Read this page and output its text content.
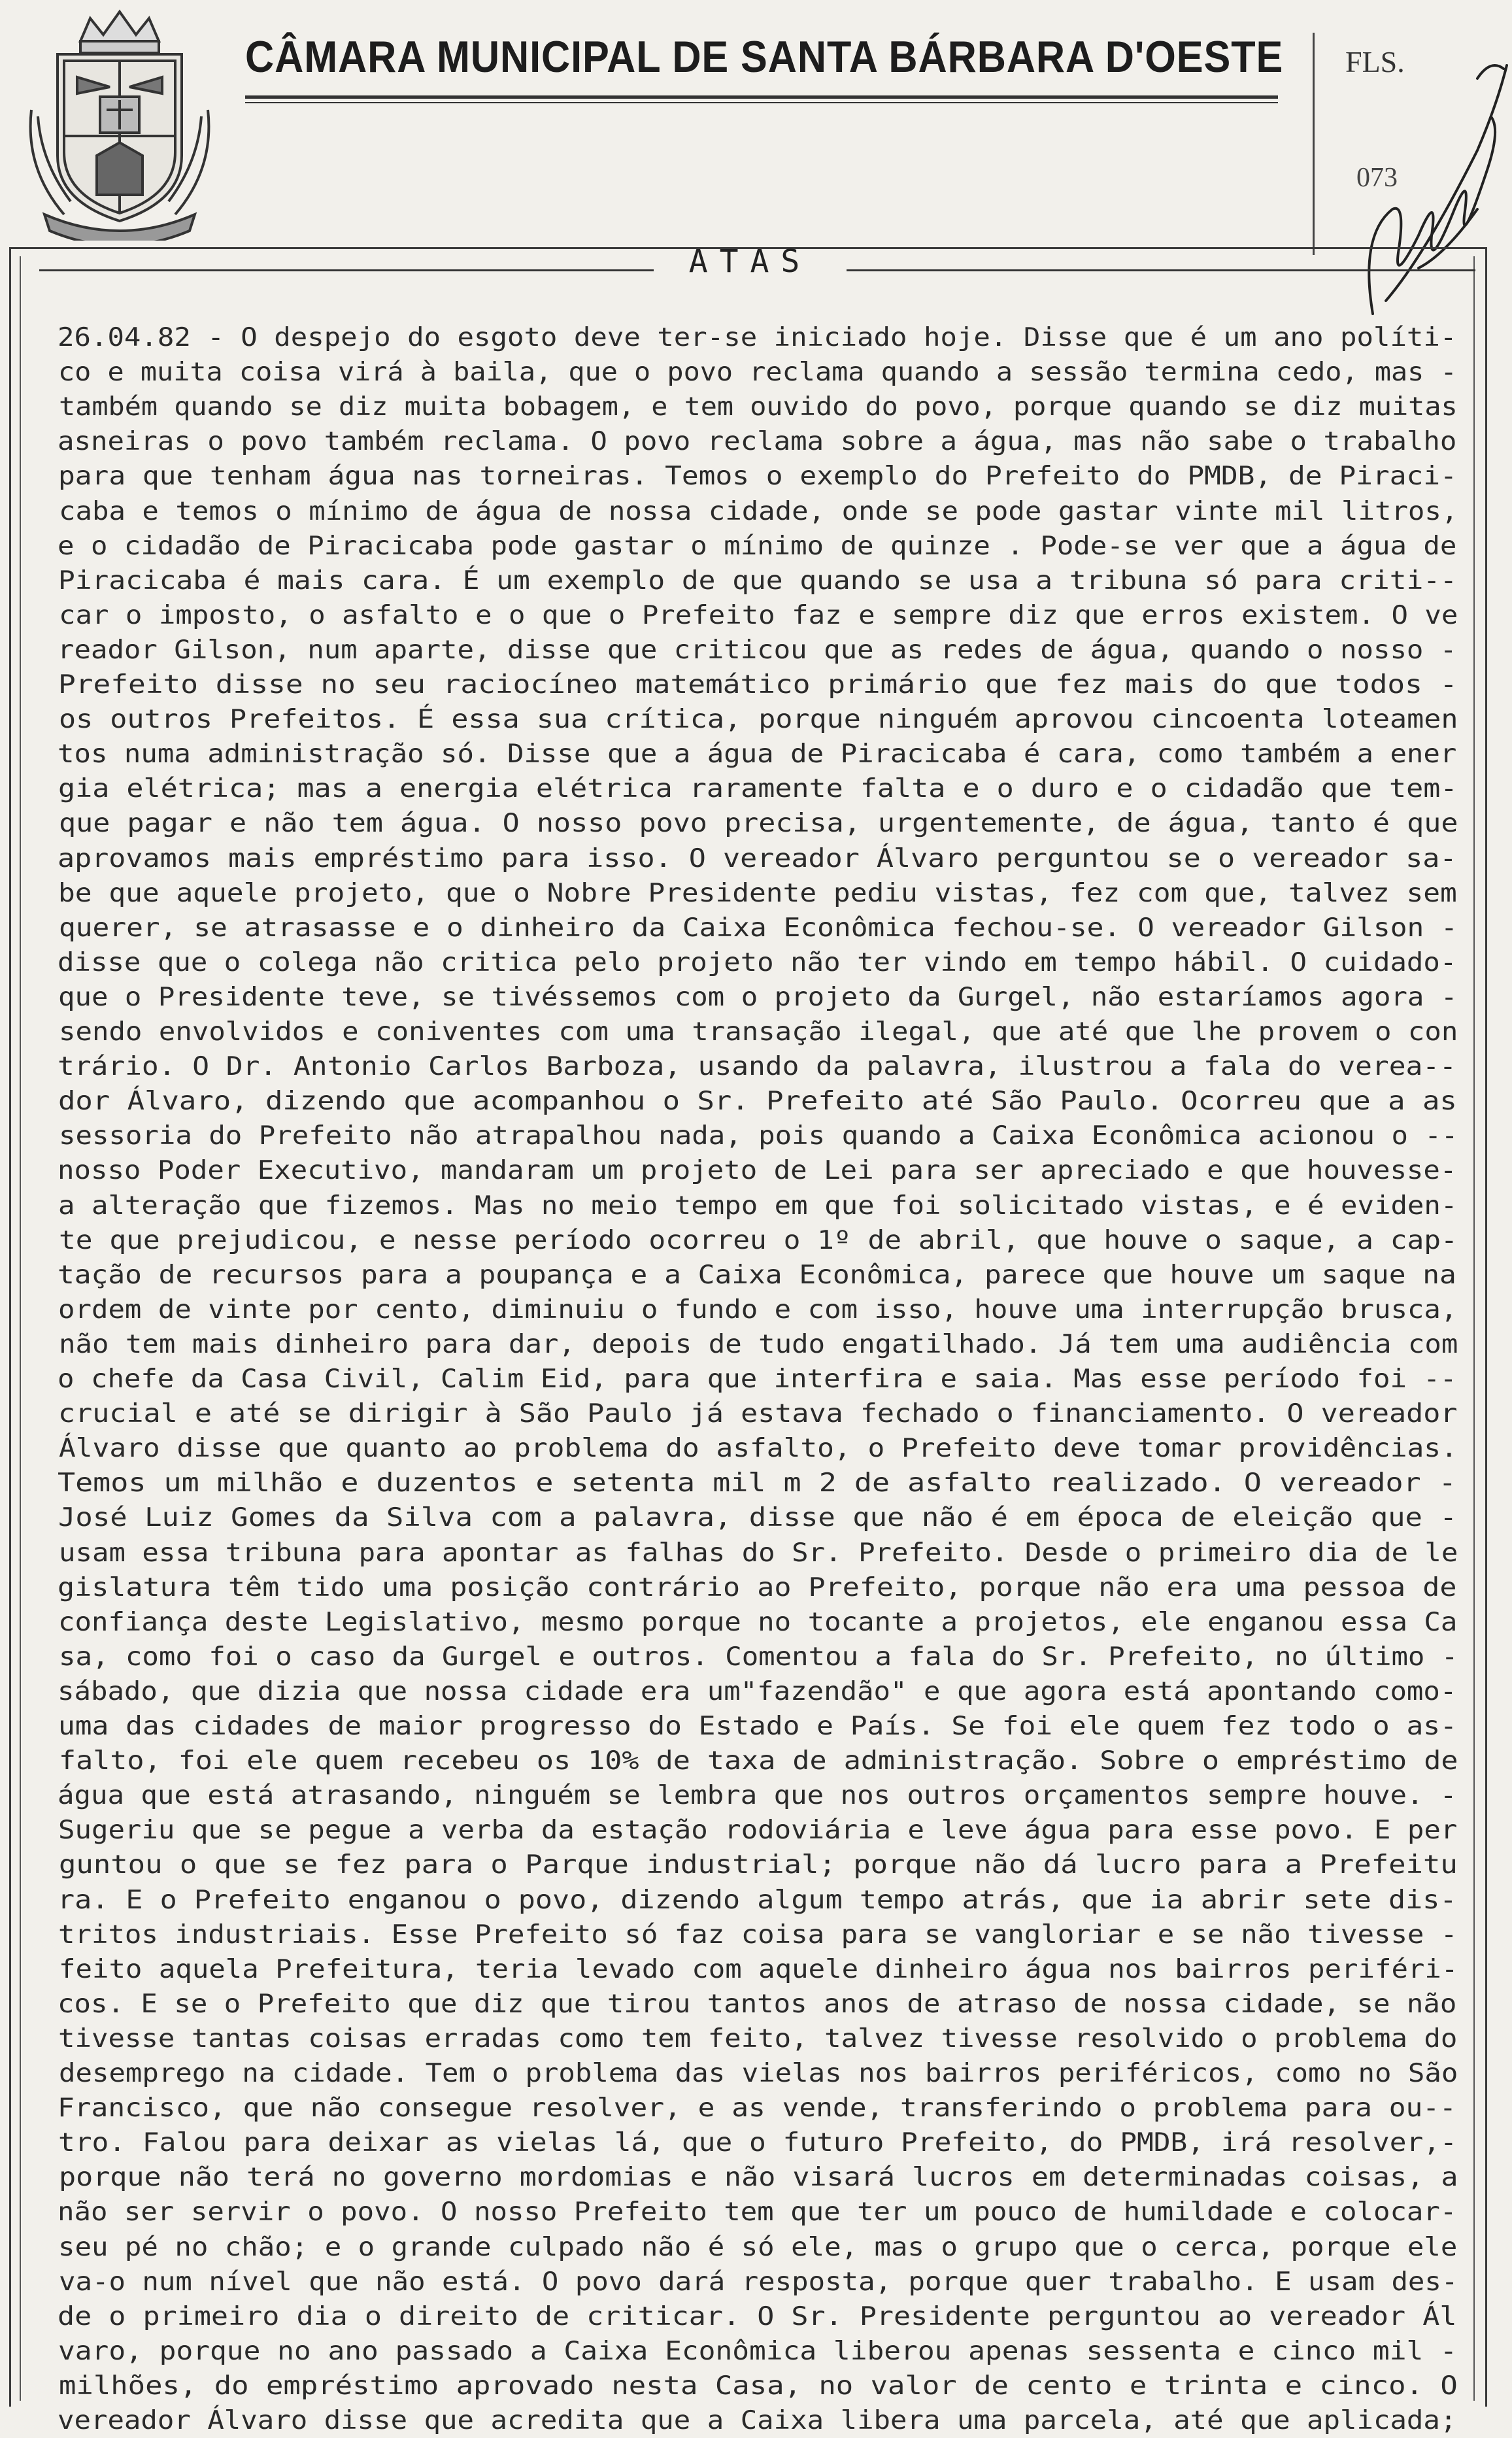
CÂMARA MUNICIPAL DE SANTA BÁRBARA D'OESTE FLS.
073
ATAS
26.04.82 - O despejo do esgoto deve ter-se iniciado hoje. Disse que é um ano políti-
co e muita coisa virá à baila, que o povo reclama quando a sessão termina cedo, mas -
também quando se diz muita bobagem, e tem ouvido do povo, porque quando se diz muitas
asneiras o povo também reclama. O povo reclama sobre a água, mas não sabe o trabalho
para que tenham água nas torneiras. Temos o exemplo do Prefeito do PMDB, de Piraci-
caba e temos o mínimo de água de nossa cidade, onde se pode gastar vinte mil litros,
e o cidadão de Piracicaba pode gastar o mínimo de quinze . Pode-se ver que a água de
Piracicaba é mais cara. É um exemplo de que quando se usa a tribuna só para criti--
car o imposto, o asfalto e o que o Prefeito faz e sempre diz que erros existem. O ve
reador Gilson, num aparte, disse que criticou que as redes de água, quando o nosso -
Prefeito disse no seu raciocíneo matemático primário que fez mais do que todos -
os outros Prefeitos. É essa sua crítica, porque ninguém aprovou cincoenta loteamen
tos numa administração só. Disse que a água de Piracicaba é cara, como também a ener
gia elétrica; mas a energia elétrica raramente falta e o duro e o cidadão que tem-
que pagar e não tem água. O nosso povo precisa, urgentemente, de água, tanto é que
aprovamos mais empréstimo para isso. O vereador Álvaro perguntou se o vereador sa-
be que aquele projeto, que o Nobre Presidente pediu vistas, fez com que, talvez sem
querer, se atrasasse e o dinheiro da Caixa Econômica fechou-se. O vereador Gilson -
disse que o colega não critica pelo projeto não ter vindo em tempo hábil. O cuidado-
que o Presidente teve, se tivéssemos com o projeto da Gurgel, não estaríamos agora -
sendo envolvidos e coniventes com uma transação ilegal, que até que lhe provem o con
trário. O Dr. Antonio Carlos Barboza, usando da palavra, ilustrou a fala do verea--
dor Álvaro, dizendo que acompanhou o Sr. Prefeito até São Paulo. Ocorreu que a as
sessoria do Prefeito não atrapalhou nada, pois quando a Caixa Econômica acionou o --
nosso Poder Executivo, mandaram um projeto de Lei para ser apreciado e que houvesse-
a alteração que fizemos. Mas no meio tempo em que foi solicitado vistas, e é eviden-
te que prejudicou, e nesse período ocorreu o 1º de abril, que houve o saque, a cap-
tação de recursos para a poupança e a Caixa Econômica, parece que houve um saque na
ordem de vinte por cento, diminuiu o fundo e com isso, houve uma interrupção brusca,
não tem mais dinheiro para dar, depois de tudo engatilhado. Já tem uma audiência com
o chefe da Casa Civil, Calim Eid, para que interfira e saia. Mas esse período foi --
crucial e até se dirigir à São Paulo já estava fechado o financiamento. O vereador
Álvaro disse que quanto ao problema do asfalto, o Prefeito deve tomar providências.
Temos um milhão e duzentos e setenta mil m 2 de asfalto realizado. O vereador -
José Luiz Gomes da Silva com a palavra, disse que não é em época de eleição que -
usam essa tribuna para apontar as falhas do Sr. Prefeito. Desde o primeiro dia de le
gislatura têm tido uma posição contrário ao Prefeito, porque não era uma pessoa de
confiança deste Legislativo, mesmo porque no tocante a projetos, ele enganou essa Ca
sa, como foi o caso da Gurgel e outros. Comentou a fala do Sr. Prefeito, no último -
sábado, que dizia que nossa cidade era um"fazendão" e que agora está apontando como-
uma das cidades de maior progresso do Estado e País. Se foi ele quem fez todo o as-
falto, foi ele quem recebeu os 10% de taxa de administração. Sobre o empréstimo de
água que está atrasando, ninguém se lembra que nos outros orçamentos sempre houve. -
Sugeriu que se pegue a verba da estação rodoviária e leve água para esse povo. E per
guntou o que se fez para o Parque industrial; porque não dá lucro para a Prefeitu
ra. E o Prefeito enganou o povo, dizendo algum tempo atrás, que ia abrir sete dis-
tritos industriais. Esse Prefeito só faz coisa para se vangloriar e se não tivesse -
feito aquela Prefeitura, teria levado com aquele dinheiro água nos bairros periféri-
cos. E se o Prefeito que diz que tirou tantos anos de atraso de nossa cidade, se não
tivesse tantas coisas erradas como tem feito, talvez tivesse resolvido o problema do
desemprego na cidade. Tem o problema das vielas nos bairros periféricos, como no São
Francisco, que não consegue resolver, e as vende, transferindo o problema para ou--
tro. Falou para deixar as vielas lá, que o futuro Prefeito, do PMDB, irá resolver,-
porque não terá no governo mordomias e não visará lucros em determinadas coisas, a
não ser servir o povo. O nosso Prefeito tem que ter um pouco de humildade e colocar-
seu pé no chão; e o grande culpado não é só ele, mas o grupo que o cerca, porque ele
va-o num nível que não está. O povo dará resposta, porque quer trabalho. E usam des-
de o primeiro dia o direito de criticar. O Sr. Presidente perguntou ao vereador Ál
varo, porque no ano passado a Caixa Econômica liberou apenas sessenta e cinco mil -
milhões, do empréstimo aprovado nesta Casa, no valor de cento e trinta e cinco. O
vereador Álvaro disse que acredita que a Caixa libera uma parcela, até que aplicada;
